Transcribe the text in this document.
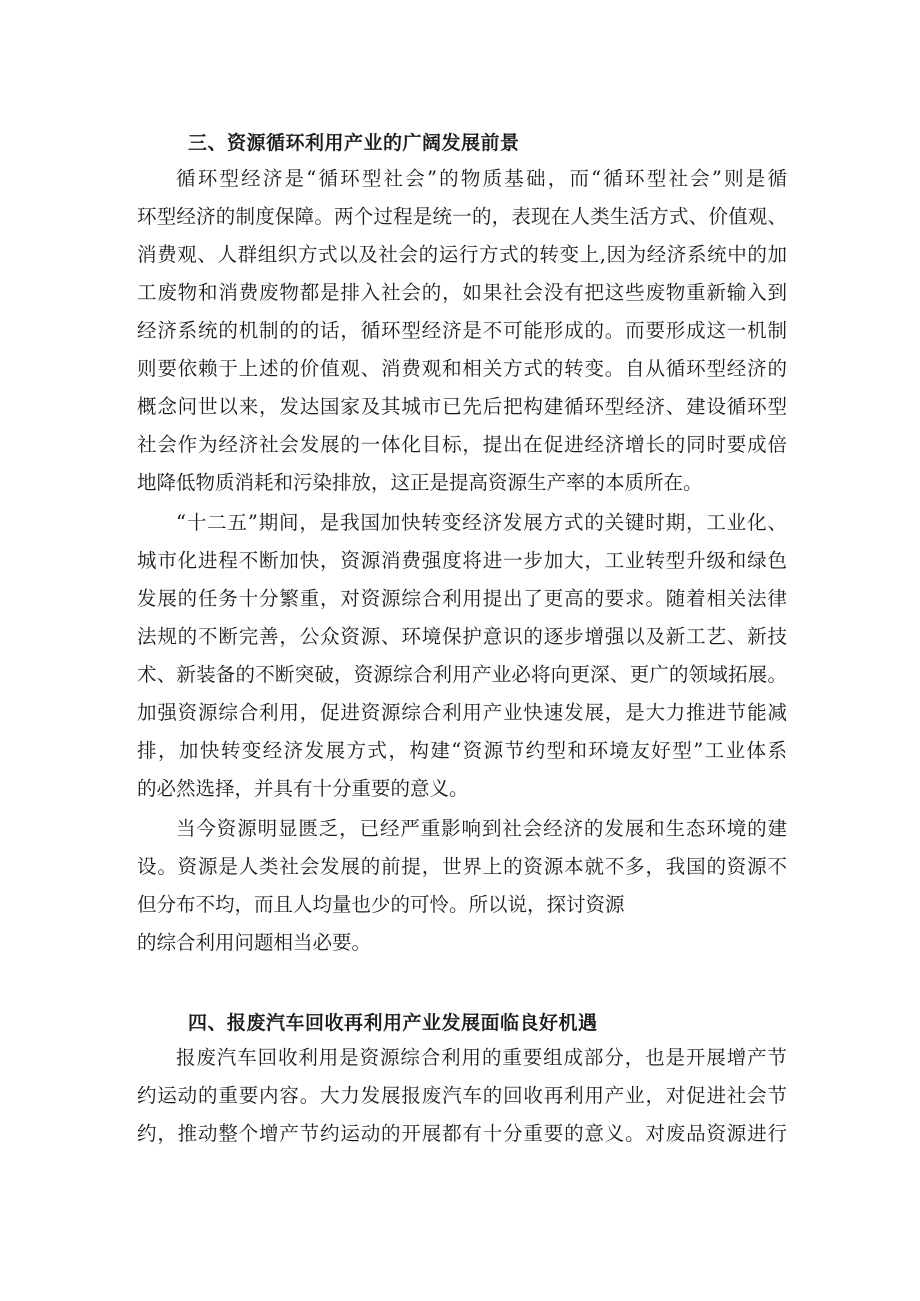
三、资源循环利用产业的广阔发展前景

循环型经济是“循环型社会”的物质基础，而“循环型社会”则是循

环型经济的制度保障。两个过程是统一的，表现在人类生活方式、价值观、

消费观、人群组织方式以及社会的运行方式的转变上,因为经济系统中的加

工废物和消费废物都是排入社会的，如果社会没有把这些废物重新输入到

经济系统的机制的的话，循环型经济是不可能形成的。而要形成这一机制

则要依赖于上述的价值观、消费观和相关方式的转变。自从循环型经济的

概念问世以来，发达国家及其城市已先后把构建循环型经济、建设循环型

社会作为经济社会发展的一体化目标，提出在促进经济增长的同时要成倍

地降低物质消耗和污染排放，这正是提高资源生产率的本质所在。

“十二五”期间，是我国加快转变经济发展方式的关键时期，工业化、

城市化进程不断加快，资源消费强度将进一步加大，工业转型升级和绿色

发展的任务十分繁重，对资源综合利用提出了更高的要求。随着相关法律

法规的不断完善，公众资源、环境保护意识的逐步增强以及新工艺、新技

术、新装备的不断突破，资源综合利用产业必将向更深、更广的领域拓展。

加强资源综合利用，促进资源综合利用产业快速发展，是大力推进节能减

排，加快转变经济发展方式，构建“资源节约型和环境友好型”工业体系

的必然选择，并具有十分重要的意义。

当今资源明显匮乏，已经严重影响到社会经济的发展和生态环境的建

设。资源是人类社会发展的前提，世界上的资源本就不多，我国的资源不

但分布不均，而且人均量也少的可怜。所以说，探讨资源

的综合利用问题相当必要。

四、报废汽车回收再利用产业发展面临良好机遇

报废汽车回收利用是资源综合利用的重要组成部分，也是开展增产节

约运动的重要内容。大力发展报废汽车的回收再利用产业，对促进社会节

约，推动整个增产节约运动的开展都有十分重要的意义。对废品资源进行
